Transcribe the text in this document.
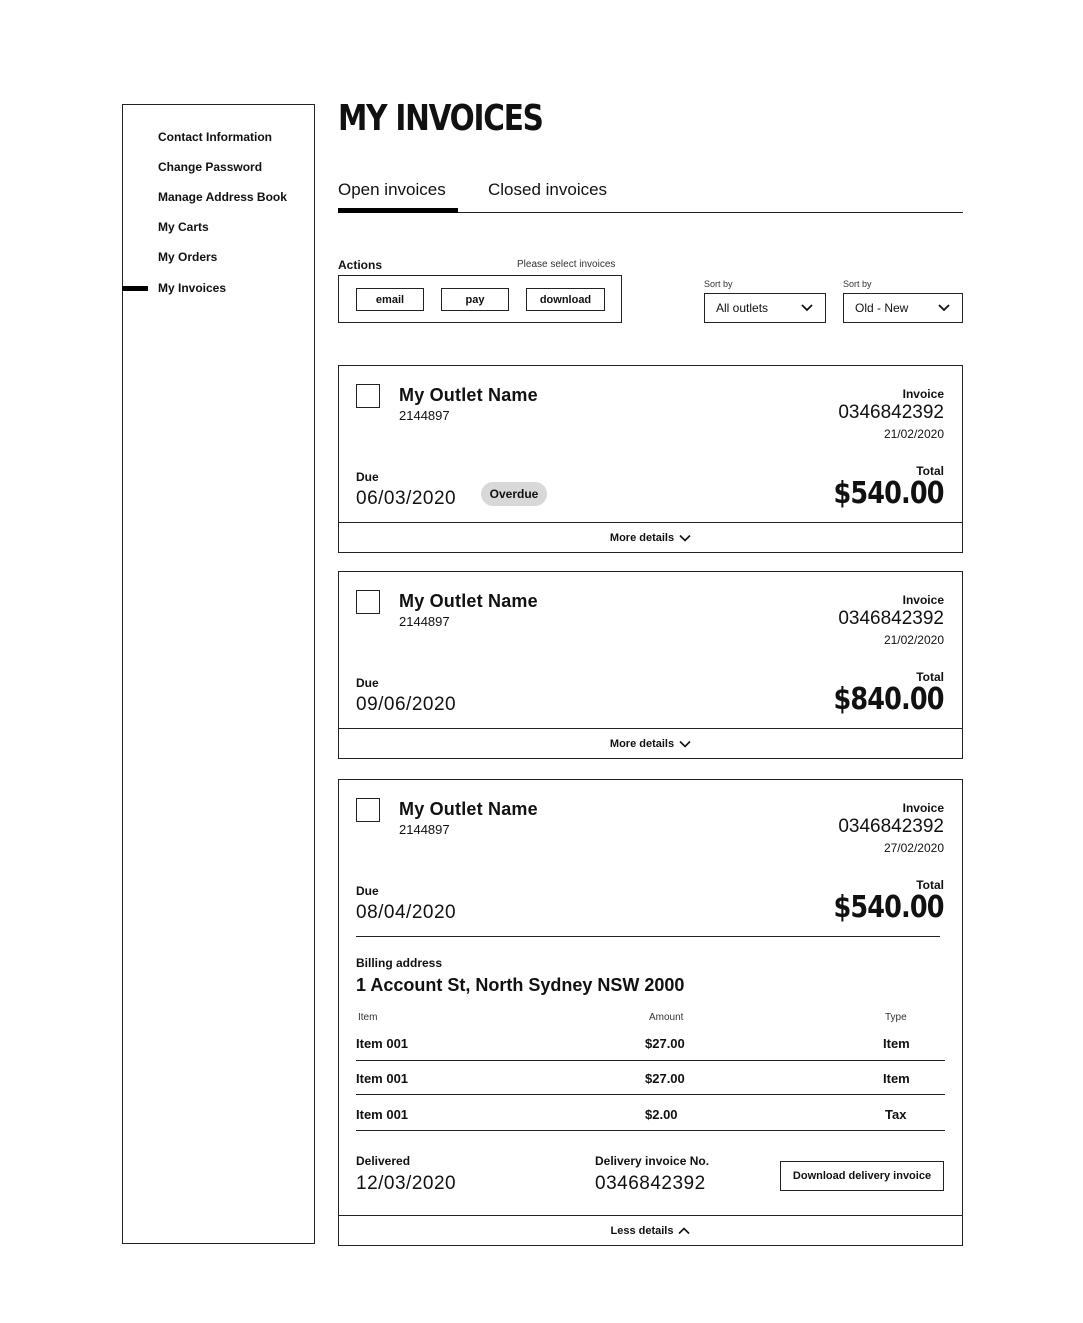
Contact Information
Change Password
Manage Address Book
My Carts
My Orders
My Invoices
MY INVOICES
Open invoices Closed invoices
Actions	Please select invoices
email	pay	download
Sort by
All outlets
Sort by
Old - New
My Outlet Name
2144897
Invoice
0346842392
21/02/2020
Due
06/03/2020	Overdue
Total
$540.00
More details
My Outlet Name
2144897
Invoice
0346842392
21/02/2020
Due
09/06/2020
Total
$840.00
More details
My Outlet Name
2144897
Invoice
0346842392
27/02/2020
Due
08/04/2020
Total
$540.00
Billing address
1 Account St, North Sydney NSW 2000
Item	Amount	Type
Item 001	$27.00	Item
Item 001	$27.00	Item
Item 001	$2.00	Tax
Delivered
12/03/2020
Delivery invoice No.
0346842392	Download delivery invoice
Less details
